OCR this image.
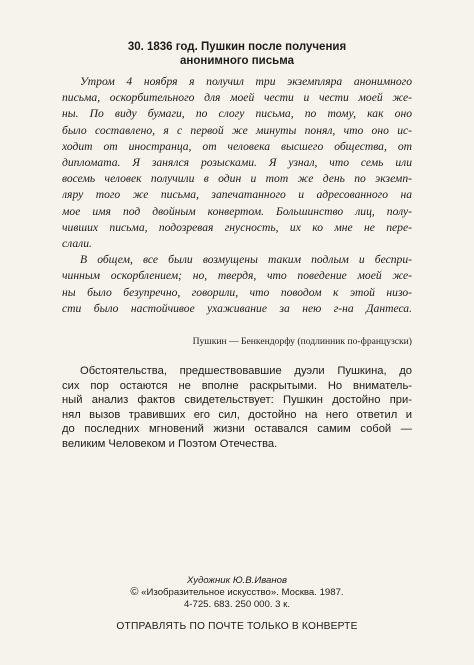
30. 1836 год. Пушкин после получения
анонимного письма
Утром 4 ноября я получил три экземпляра анонимного
письма, оскорбительного для моей чести и чести моей же-
ны. По виду бумаги, по слогу письма, по тому, как оно
было составлено, я с первой же минуты понял, что оно ис-
ходит от иностранца, от человека высшего общества, от
дипломата. Я занялся розысками. Я узнал, что семь или
восемь человек получили в один и тот же день по экземп-
ляру того же письма, запечатанного и адресованного на
мое имя под двойным конвертом. Большинство лиц, полу-
чивших письма, подозревая гнусность, их ко мне не пере-
слали.
В общем, все были возмущены таким подлым и беспри-
чинным оскорблением; но, твердя, что поведение моей же-
ны было безупречно, говорили, что поводом к этой низо-
сти было настойчивое ухаживание за нею г-на Дантеса.
Пушкин — Бенкендорфу (подлинник по-французски)
Обстоятельства, предшествовавшие дуэли Пушкина, до
сих пор остаются не вполне раскрытыми. Но вниматель-
ный анализ фактов свидетельствует: Пушкин достойно при-
нял вызов травивших его сил, достойно на него ответил и
до последних мгновений жизни оставался самим собой —
великим Человеком и Поэтом Отечества.
Художник Ю.В.Иванов
© «Изобразительное искусство». Москва. 1987.
4-725. 683. 250 000. 3 к.
ОТПРАВЛЯТЬ ПО ПОЧТЕ ТОЛЬКО В КОНВЕРТЕ
